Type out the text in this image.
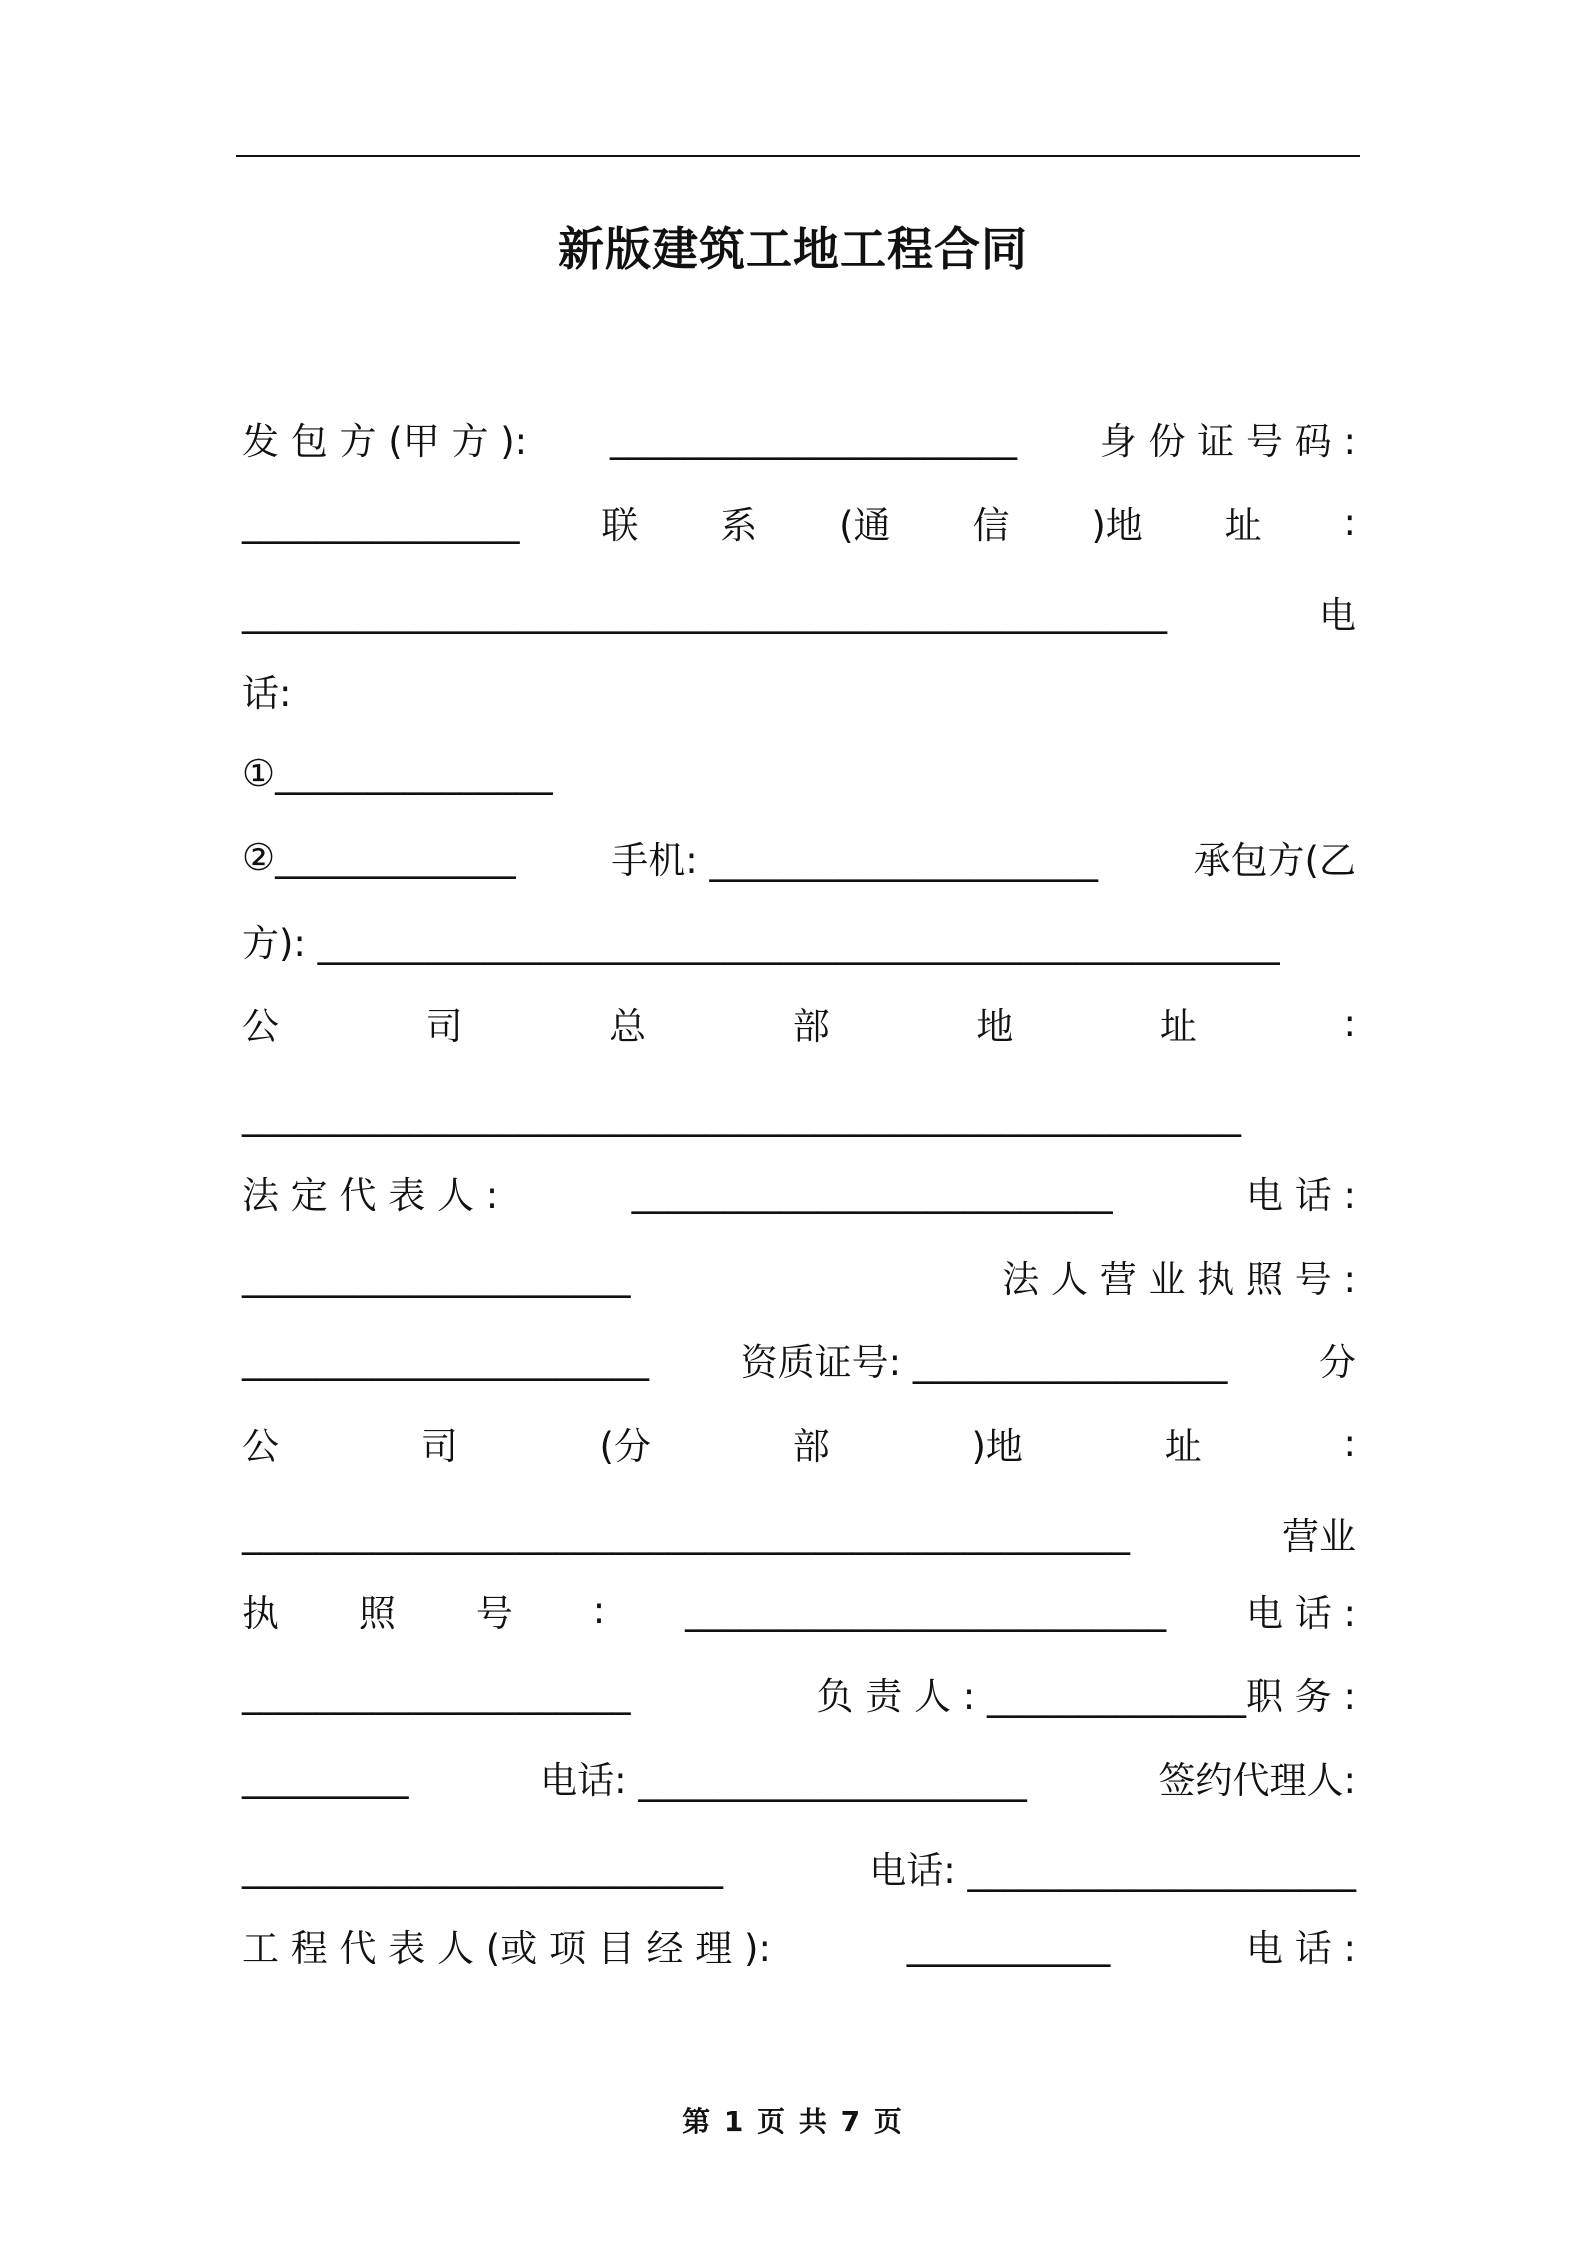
新版建筑工地工程合同
发 包 方 (甲 方 ): ______________________ 身 份 证 号 码 :
_______________ 联 系 (通 信 )地 址 :
__________________________________________________	电
话:
①_______________
②_____________	手机: _____________________	承包方(乙
方): ____________________________________________________
公	司	总	部	地	址	:
______________________________________________________
法 定 代 表 人 :	__________________________	电 话 :
_____________________	法 人 营 业 执 照 号 :
______________________ 资质证号: _________________ 分
公	司	(分	部	)地	址	:
________________________________________________	营业
执 照 号 : __________________________ 电 话 :
_____________________	负 责 人 : ______________职 务 :
_________	电话: _____________________	签约代理人:
__________________________	电话: _____________________
工 程 代 表 人 (或 项 目 经 理 ):	___________	电 话 :
第 1 页 共 7 页
